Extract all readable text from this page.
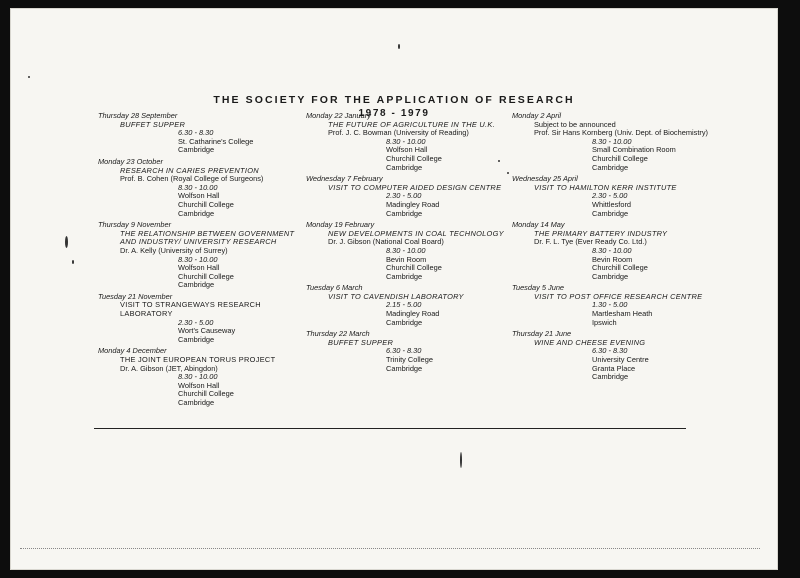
THE SOCIETY FOR THE APPLICATION OF RESEARCH
1978 - 1979
Thursday 28 September
BUFFET SUPPER
6.30 - 8.30
St. Catharine's College
Cambridge
Monday 23 October
RESEARCH IN CARIES PREVENTION
Prof. B. Cohen (Royal College of Surgeons)
8.30 - 10.00
Wolfson Hall
Churchill College
Cambridge
Thursday 9 November
THE RELATIONSHIP BETWEEN GOVERNMENT AND INDUSTRY/ UNIVERSITY RESEARCH
Dr. A. Kelly (University of Surrey)
8.30 - 10.00
Wolfson Hall
Churchill College
Cambridge
Tuesday 21 November
VISIT TO STRANGEWAYS RESEARCH LABORATORY
2.30 - 5.00
Wort's Causeway
Cambridge
Monday 4 December
THE JOINT EUROPEAN TORUS PROJECT
Dr. A. Gibson (JET, Abingdon)
8.30 - 10.00
Wolfson Hall
Churchill College
Cambridge
Monday 22 January
THE FUTURE OF AGRICULTURE IN THE U.K.
Prof. J. C. Bowman (University of Reading)
8.30 - 10.00
Wolfson Hall
Churchill College
Cambridge
Wednesday 7 February
VISIT TO COMPUTER AIDED DESIGN CENTRE
2.30 - 5.00
Madingley Road
Cambridge
Monday 19 February
NEW DEVELOPMENTS IN COAL TECHNOLOGY
Dr. J. Gibson (National Coal Board)
8.30 - 10.00
Bevin Room
Churchill College
Cambridge
Tuesday 6 March
VISIT TO CAVENDISH LABORATORY
2.15 - 5.00
Madingley Road
Cambridge
Thursday 22 March
BUFFET SUPPER
6.30 - 8.30
Trinity College
Cambridge
Monday 2 April
Subject to be announced
Prof. Sir Hans Kornberg (Univ. Dept. of Biochemistry)
8.30 - 10.00
Small Combination Room
Churchill College
Cambridge
Wednesday 25 April
VISIT TO HAMILTON KERR INSTITUTE
2.30 - 5.00
Whittlesford
Cambridge
Monday 14 May
THE PRIMARY BATTERY INDUSTRY
Dr. F. L. Tye (Ever Ready Co. Ltd.)
8.30 - 10.00
Bevin Room
Churchill College
Cambridge
Tuesday 5 June
VISIT TO POST OFFICE RESEARCH CENTRE
1.30 - 5.00
Martlesham Heath
Ipswich
Thursday 21 June
WINE AND CHEESE EVENING
6.30 - 8.30
University Centre
Granta Place
Cambridge
